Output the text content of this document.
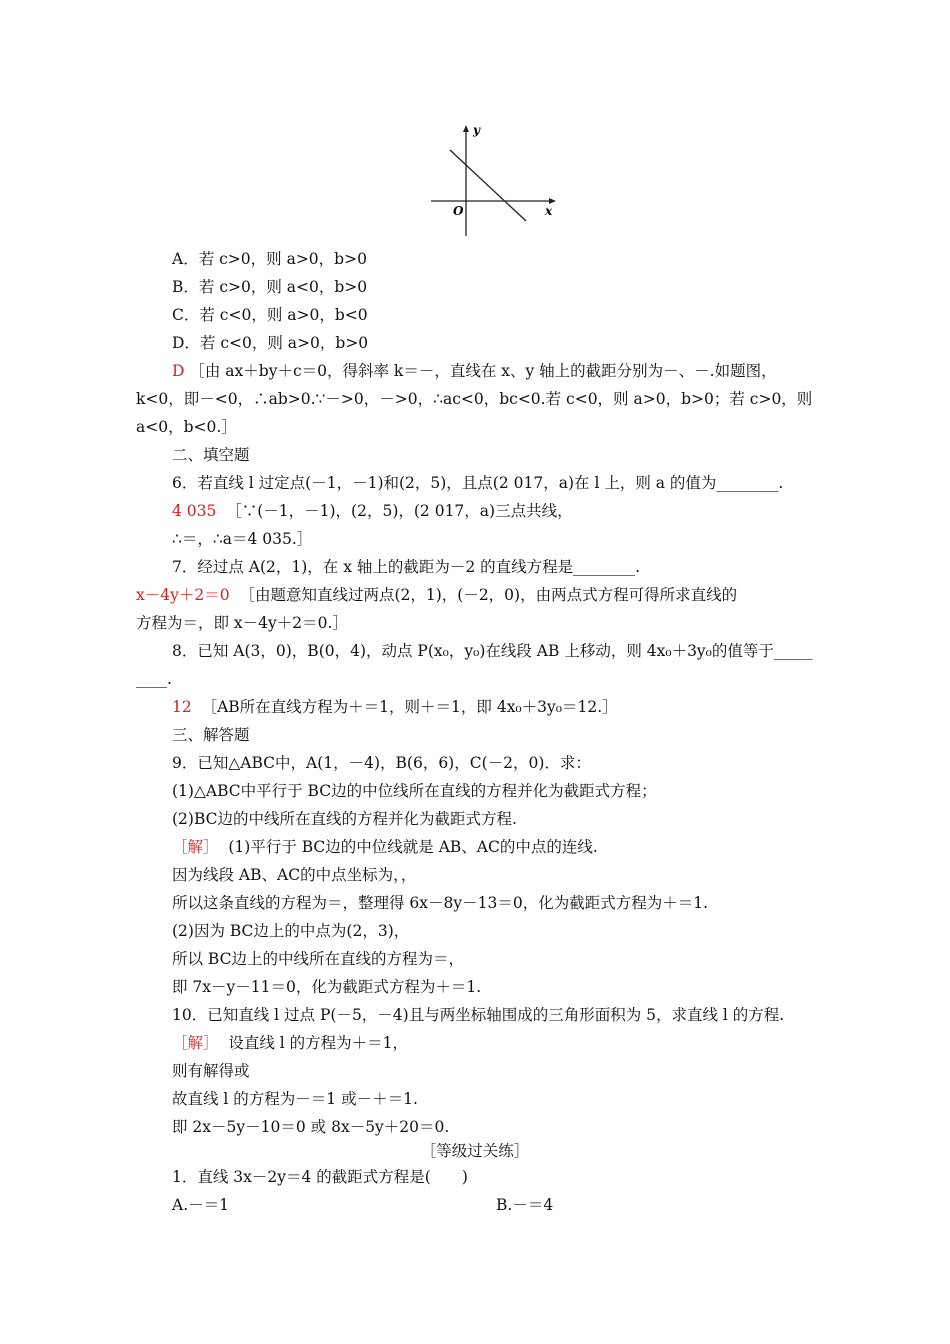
y
x
O
A．若 c>0，则 a>0，b>0
B．若 c>0，则 a<0，b>0
C．若 c<0，则 a>0，b<0
D．若 c<0，则 a>0，b>0
D ［由 ax＋by＋c＝0，得斜率 k＝－，直线在 x、y 轴上的截距分别为－、－.如题图，
k<0，即－<0，∴ab>0.∵－>0，－>0，∴ac<0，bc<0.若 c<0，则 a>0，b>0；若 c>0，则
a<0，b<0.］
二、填空题
6．若直线 l 过定点(－1，－1)和(2，5)，且点(2 017，a)在 l 上，则 a 的值为________.
4 035 ［∵(－1，－1)，(2，5)，(2 017，a)三点共线，
∴＝，∴a＝4 035.］
7．经过点 A(2，1)，在 x 轴上的截距为－2 的直线方程是________.
x－4y＋2＝0 ［由题意知直线过两点(2，1)，(－2，0)，由两点式方程可得所求直线的
方程为＝，即 x－4y＋2＝0.］
8．已知 A(3，0)，B(0，4)，动点 P(x₀，y₀)在线段 AB 上移动，则 4x₀＋3y₀的值等于_____
____.
12 ［AB所在直线方程为＋＝1，则＋＝1，即 4x₀＋3y₀＝12.］
三、解答题
9．已知△ABC中，A(1，－4)，B(6，6)，C(－2，0)．求：
(1)△ABC中平行于 BC边的中位线所在直线的方程并化为截距式方程；
(2)BC边的中线所在直线的方程并化为截距式方程.
［解］ (1)平行于 BC边的中位线就是 AB、AC的中点的连线.
因为线段 AB、AC的中点坐标为，，
所以这条直线的方程为＝，整理得 6x－8y－13＝0，化为截距式方程为＋＝1.
(2)因为 BC边上的中点为(2，3)，
所以 BC边上的中线所在直线的方程为＝，
即 7x－y－11＝0，化为截距式方程为＋＝1.
10．已知直线 l 过点 P(－5，－4)且与两坐标轴围成的三角形面积为 5，求直线 l 的方程.
［解］ 设直线 l 的方程为＋＝1，
则有解得或
故直线 l 的方程为－＝1 或－＋＝1.
即 2x－5y－10＝0 或 8x－5y＋20＝0.
［等级过关练］
1．直线 3x－2y＝4 的截距式方程是(　　)
A.－＝1	B.－＝4
